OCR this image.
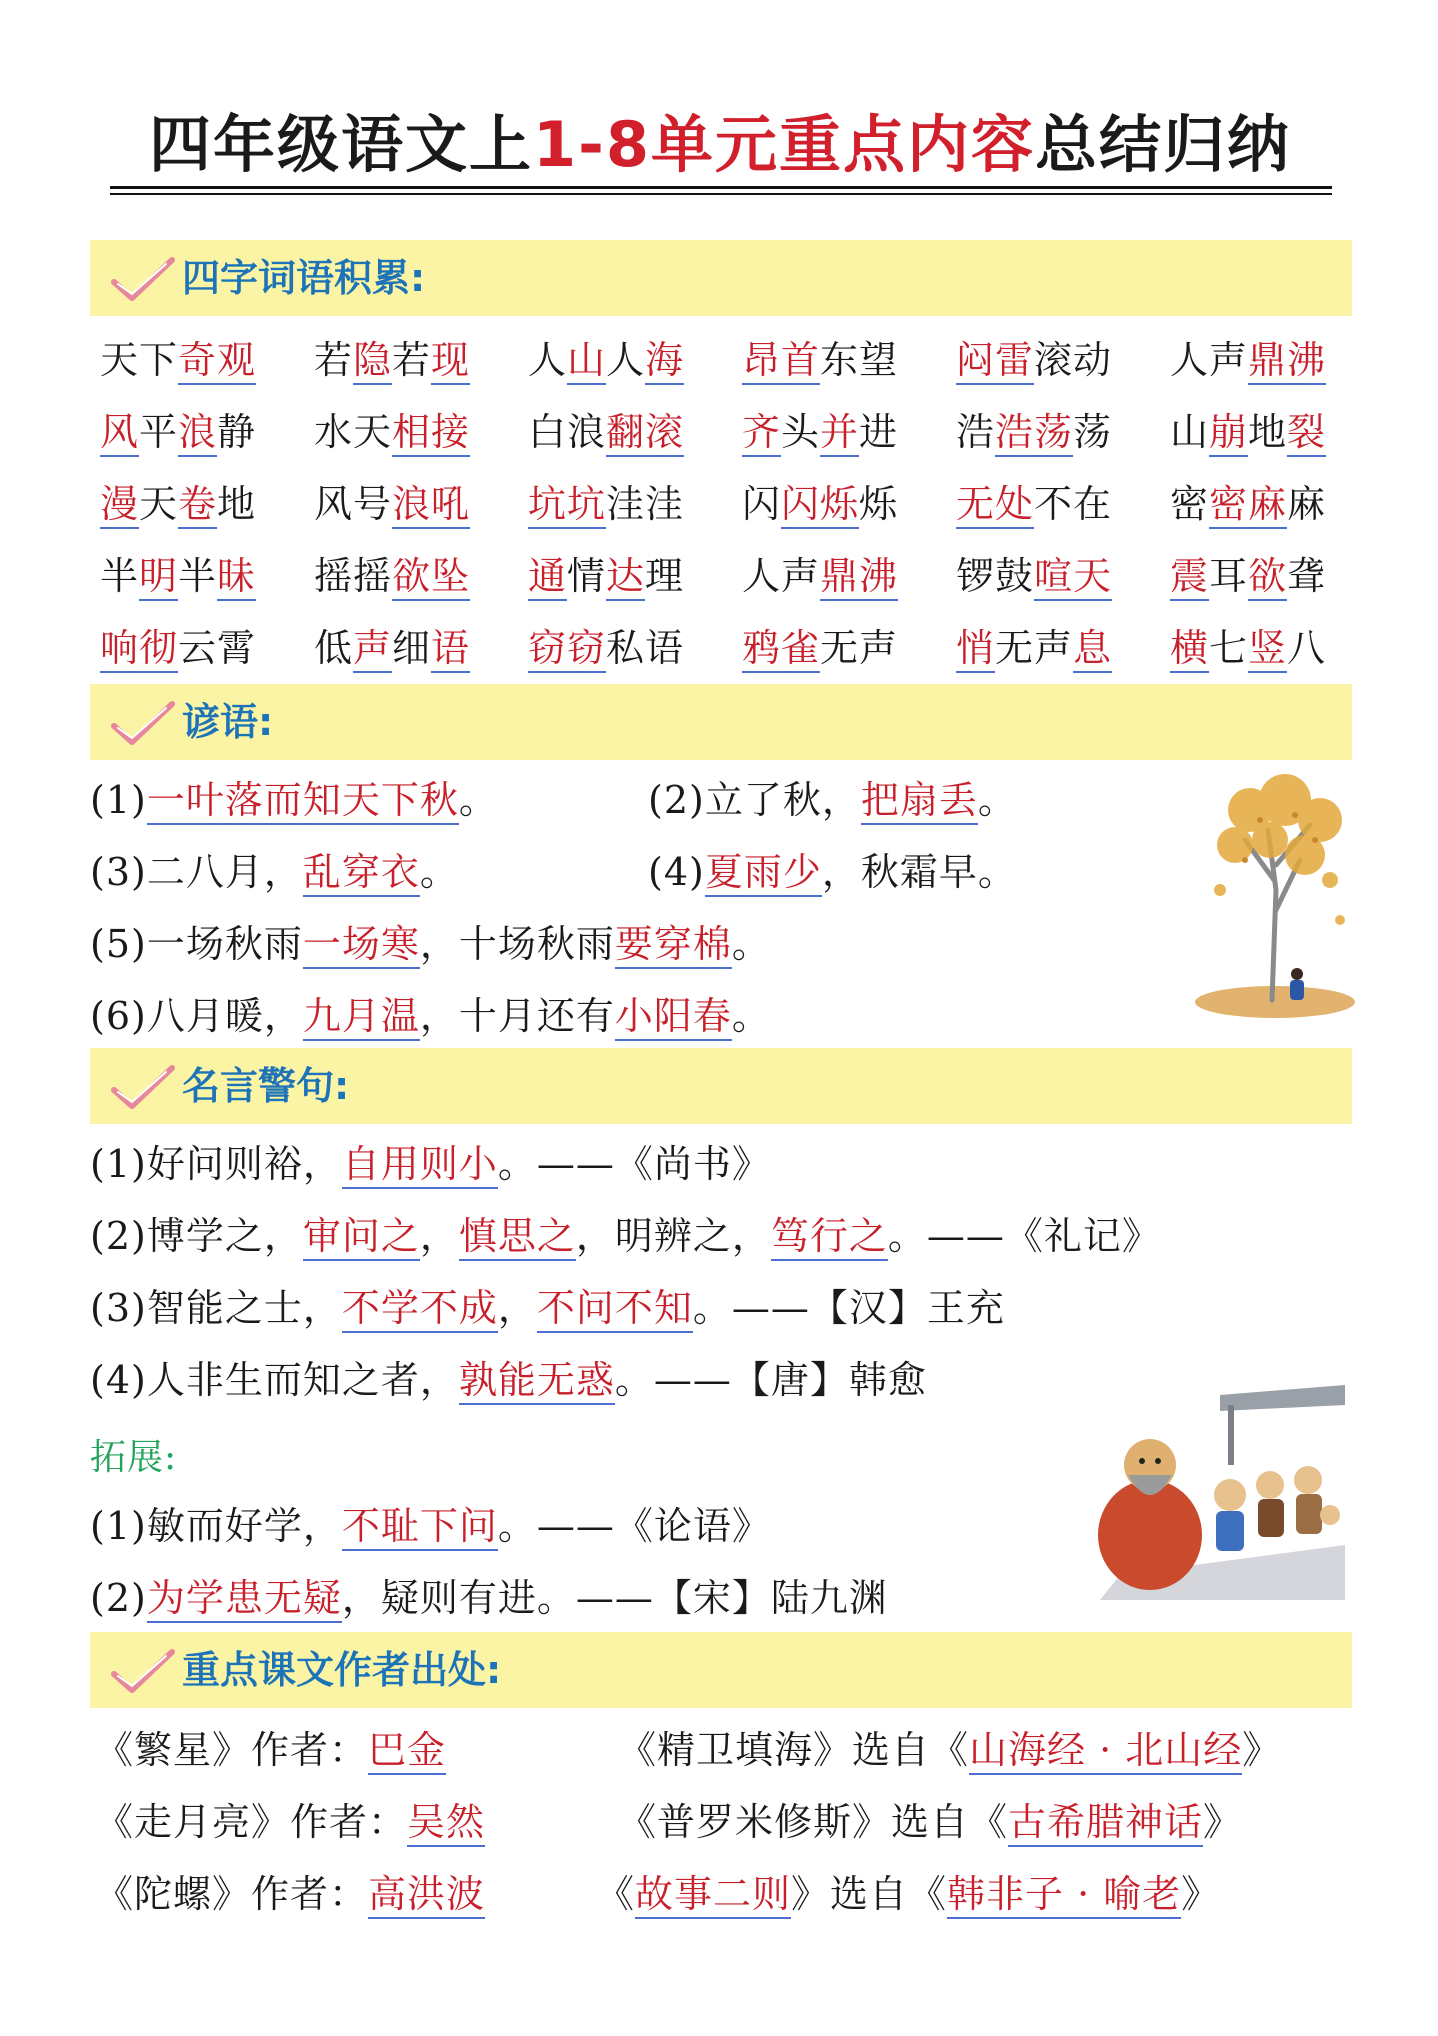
四年级语文上1-8单元重点内容总结归纳
四字词语积累:
天下奇观 若隐若现 人山人海 昂首东望 闷雷滚动 人声鼎沸
风平浪静 水天相接 白浪翻滚 齐头并进 浩浩荡荡 山崩地裂
漫天卷地 风号浪吼 坑坑洼洼 闪闪烁烁 无处不在 密密麻麻
半明半昧 摇摇欲坠 通情达理 人声鼎沸 锣鼓喧天 震耳欲聋
响彻云霄 低声细语 窃窃私语 鸦雀无声 悄无声息 横七竖八
谚语:
(1)一叶落而知天下秋。	(2)立了秋，把扇丢。
(3)二八月，乱穿衣。	(4)夏雨少，秋霜早。
(5)一场秋雨一场寒，十场秋雨要穿棉。
(6)八月暖，九月温，十月还有小阳春。
名言警句:
(1)好问则裕，自用则小。——《尚书》
(2)博学之，审问之，慎思之，明辨之，笃行之。——《礼记》
(3)智能之士，不学不成，不问不知。——【汉】王充
(4)人非生而知之者，孰能无惑。——【唐】韩愈
拓展:
(1)敏而好学，不耻下问。——《论语》
(2)为学患无疑，疑则有进。——【宋】陆九渊
重点课文作者出处:
《繁星》作者：巴金
《走月亮》作者：吴然
《陀螺》作者：高洪波
《精卫填海》选自《山海经 · 北山经》
《普罗米修斯》选自《古希腊神话》
《故事二则》选自《韩非子 · 喻老》
